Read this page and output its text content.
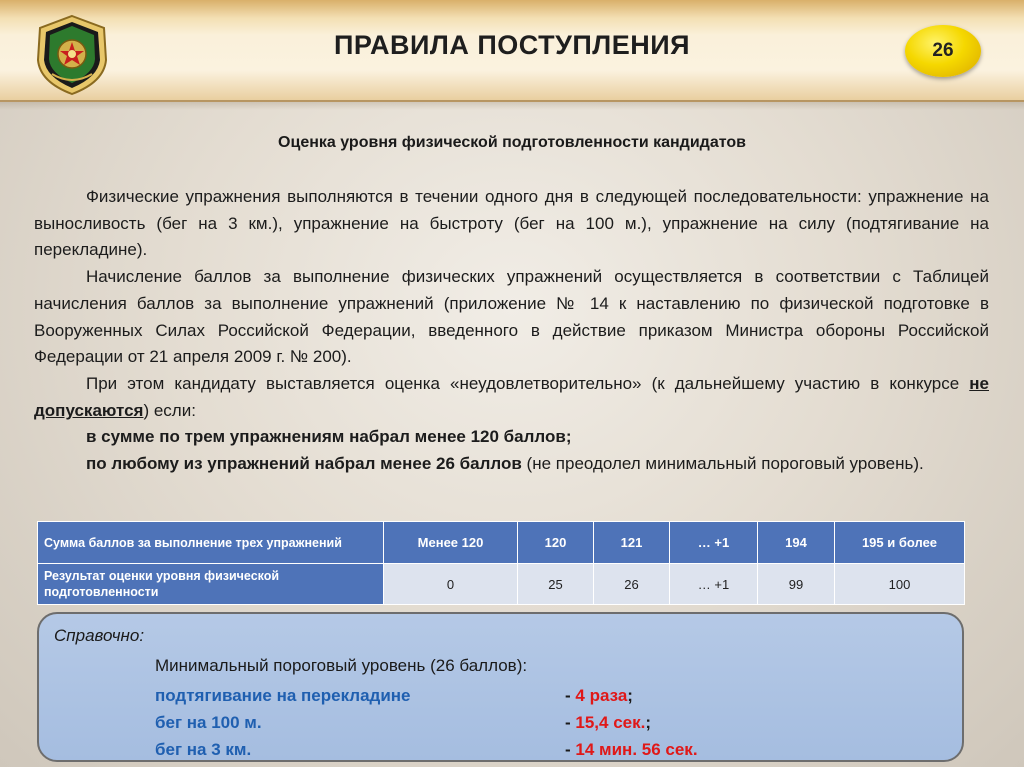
ПРАВИЛА ПОСТУПЛЕНИЯ	26
Оценка уровня физической подготовленности кандидатов

Физические упражнения выполняются в течении одного дня в следующей последовательности: упражнение на выносливость (бег на 3 км.), упражнение на быстроту (бег на 100 м.), упражнение на силу (подтягивание на перекладине).

Начисление баллов за выполнение физических упражнений осуществляется в соответствии с Таблицей начисления баллов за выполнение упражнений (приложение № 14 к наставлению по физической подготовке в Вооруженных Силах Российской Федерации, введенного в действие приказом Министра обороны Российской Федерации от 21 апреля 2009 г. № 200).

При этом кандидату выставляется оценка «неудовлетворительно» (к дальнейшему участию в конкурсе не допускаются) если:

в сумме по трем упражнениям набрал менее 120 баллов;

по любому из упражнений набрал менее 26 баллов (не преодолел минимальный пороговый уровень).

Сумма баллов за выполнение трех упражнений	Менее 120	120	121	… +1	194	195 и более
Результат оценки уровня физической подготовленности	0	25	26	… +1	99	100
Справочно:
Минимальный пороговый уровень (26 баллов):
подтягивание на перекладине	- 4 раза;
бег на 100 м.	- 15,4 сек.;
бег на 3 км.	- 14 мин. 56 сек.
